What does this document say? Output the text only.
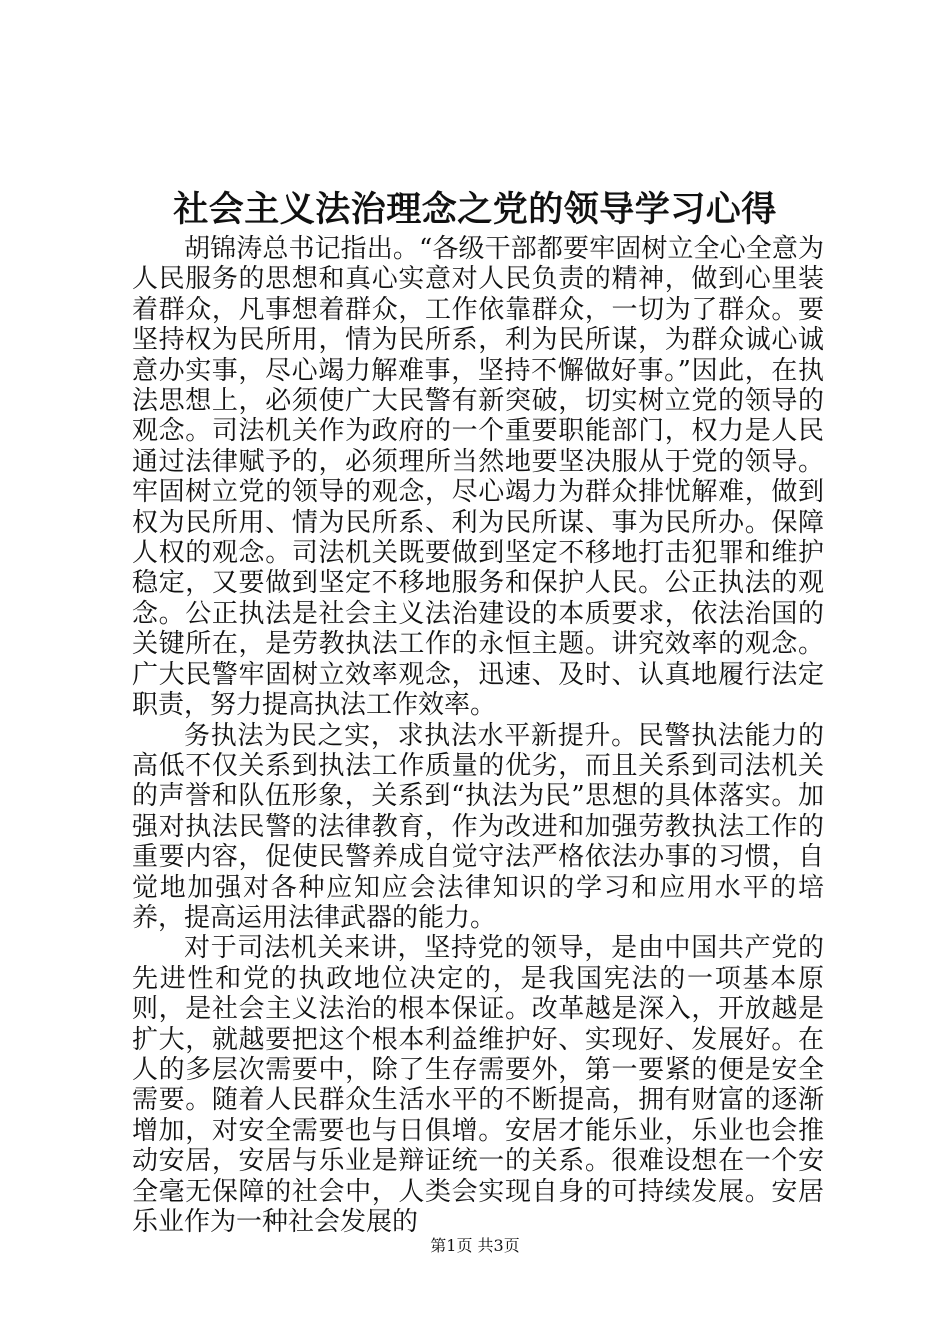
社会主义法治理念之党的领导学习心得

胡锦涛总书记指出。“各级干部都要牢固树立全心全意为人民服务的思想和真心实意对人民负责的精神，做到心里装着群众，凡事想着群众，工作依靠群众，一切为了群众。要坚持权为民所用，情为民所系，利为民所谋，为群众诚心诚意办实事，尽心竭力解难事，坚持不懈做好事。”因此，在执法思想上，必须使广大民警有新突破，切实树立党的领导的观念。司法机关作为政府的一个重要职能部门，权力是人民通过法律赋予的，必须理所当然地要坚决服从于党的领导。牢固树立党的领导的观念，尽心竭力为群众排忧解难，做到权为民所用、情为民所系、利为民所谋、事为民所办。保障人权的观念。司法机关既要做到坚定不移地打击犯罪和维护稳定，又要做到坚定不移地服务和保护人民。公正执法的观念。公正执法是社会主义法治建设的本质要求，依法治国的关键所在，是劳教执法工作的永恒主题。讲究效率的观念。广大民警牢固树立效率观念，迅速、及时、认真地履行法定职责，努力提高执法工作效率。

务执法为民之实，求执法水平新提升。民警执法能力的高低不仅关系到执法工作质量的优劣，而且关系到司法机关的声誉和队伍形象，关系到“执法为民”思想的具体落实。加强对执法民警的法律教育，作为改进和加强劳教执法工作的重要内容，促使民警养成自觉守法严格依法办事的习惯，自觉地加强对各种应知应会法律知识的学习和应用水平的培养，提高运用法律武器的能力。

对于司法机关来讲，坚持党的领导，是由中国共产党的先进性和党的执政地位决定的，是我国宪法的一项基本原则，是社会主义法治的根本保证。改革越是深入，开放越是扩大，就越要把这个根本利益维护好、实现好、发展好。在人的多层次需要中，除了生存需要外，第一要紧的便是安全需要。随着人民群众生活水平的不断提高，拥有财富的逐渐增加，对安全需要也与日俱增。安居才能乐业，乐业也会推动安居，安居与乐业是辩证统一的关系。很难设想在一个安全毫无保障的社会中，人类会实现自身的可持续发展。安居乐业作为一种社会发展的

第1页 共3页
